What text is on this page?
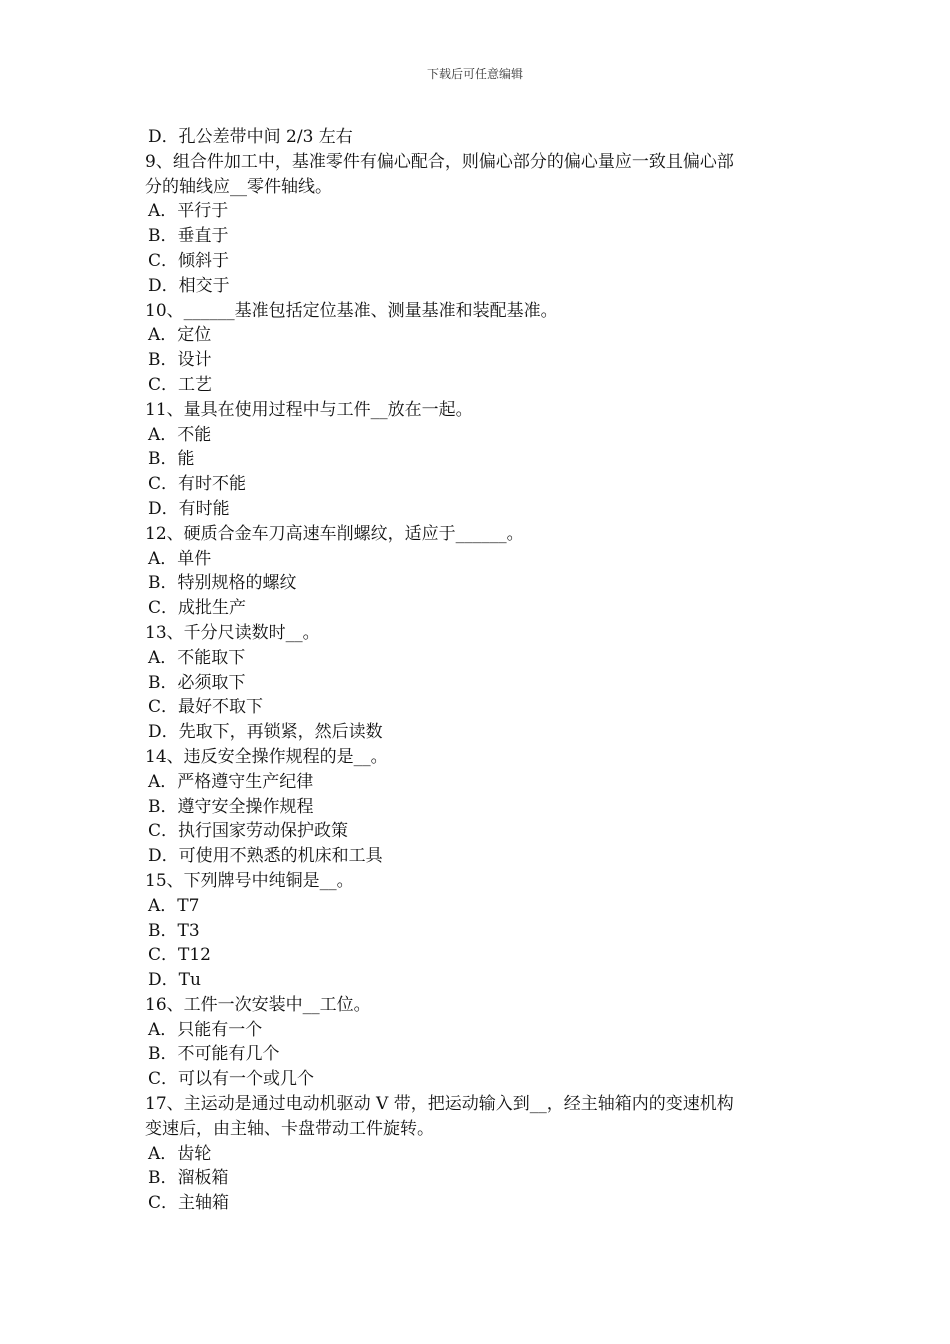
下载后可任意编辑
D．孔公差带中间 2/3 左右
9、组合件加工中，基准零件有偏心配合，则偏心部分的偏心量应一致且偏心部
分的轴线应__零件轴线。
A．平行于
B．垂直于
C．倾斜于
D．相交于
10、______基准包括定位基准、测量基准和装配基准。
A．定位
B．设计
C．工艺
11、量具在使用过程中与工件__放在一起。
A．不能
B．能
C．有时不能
D．有时能
12、硬质合金车刀高速车削螺纹，适应于______。
A．单件
B．特别规格的螺纹
C．成批生产
13、千分尺读数时__。
A．不能取下
B．必须取下
C．最好不取下
D．先取下，再锁紧，然后读数
14、违反安全操作规程的是__。
A．严格遵守生产纪律
B．遵守安全操作规程
C．执行国家劳动保护政策
D．可使用不熟悉的机床和工具
15、下列牌号中纯铜是__。
A．T7
B．T3
C．T12
D．Tu
16、工件一次安装中__工位。
A．只能有一个
B．不可能有几个
C．可以有一个或几个
17、主运动是通过电动机驱动 V 带，把运动输入到__，经主轴箱内的变速机构
变速后，由主轴、卡盘带动工件旋转。
A．齿轮
B．溜板箱
C．主轴箱
